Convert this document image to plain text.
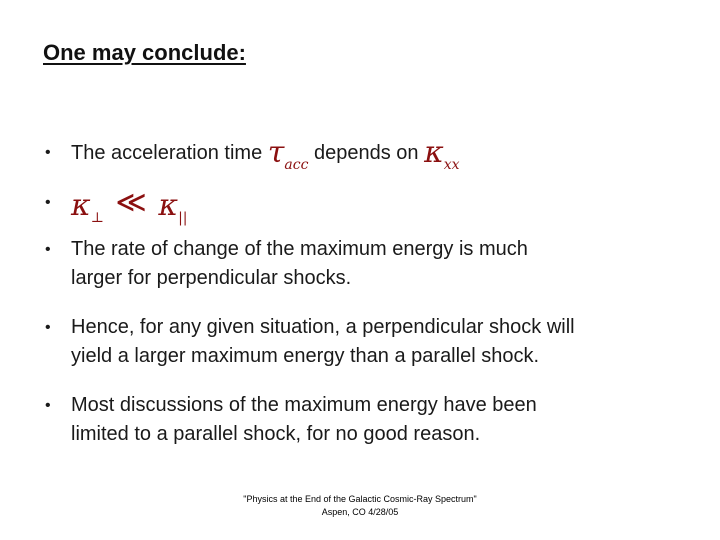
One may conclude:
•	The acceleration time $\tau_{acc}$ depends on $\kappa_{xx}$
• $\kappa_\perp$ ≪ $\kappa_{||}$
•	The rate of change of the maximum energy is much
larger for perpendicular shocks.
•	Hence, for any given situation, a perpendicular shock will
yield a larger maximum energy than a parallel shock.
•	Most discussions of the maximum energy have been
limited to a parallel shock, for no good reason.
"Physics at the End of the Galactic Cosmic-Ray Spectrum"
Aspen, CO 4/28/05
